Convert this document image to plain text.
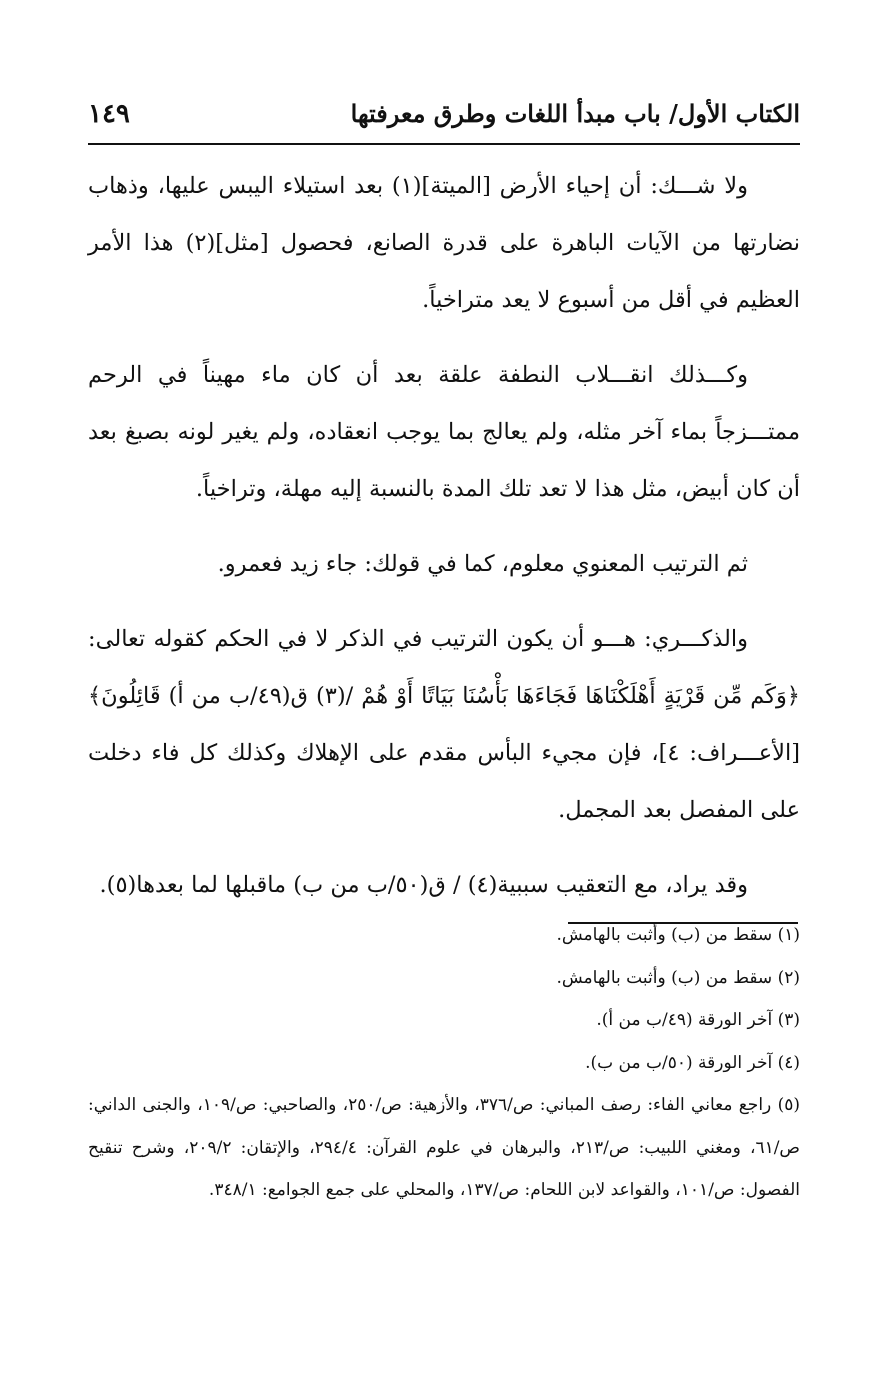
الكتاب الأول/ باب مبدأ اللغات وطرق معرفتها
١٤٩

ولا شـــك: أن إحياء الأرض [الميتة](١) بعد استيلاء اليبس عليها، وذهاب نضارتها من الآيات الباهرة على قدرة الصانع، فحصول [مثل](٢) هذا الأمر العظيم في أقل من أسبوع لا يعد متراخياً.

وكـــذلك انقـــلاب النطفة علقة بعد أن كان ماء مهيناً في الرحم ممتـــزجاً بماء آخر مثله، ولم يعالج بما يوجب انعقاده، ولم يغير لونه بصبغ بعد أن كان أبيض، مثل هذا لا تعد تلك المدة بالنسبة إليه مهلة، وتراخياً.

ثم الترتيب المعنوي معلوم، كما في قولك: جاء زيد فعمرو.

والذكـــري: هـــو أن يكون الترتيب في الذكر لا في الحكم كقوله تعالى: ﴿وَكَم مِّن قَرْيَةٍ أَهْلَكْنَاهَا فَجَاءَهَا بَأْسُنَا بَيَاتًا أَوْ هُمْ /(٣) ق(٤٩/ب من أ) قَائِلُونَ﴾ [الأعـــراف: ٤]، فإن مجيء البأس مقدم على الإهلاك وكذلك كل فاء دخلت على المفصل بعد المجمل.

وقد يراد، مع التعقيب سببية(٤) / ق(٥٠/ب من ب) ماقبلها لما بعدها(٥).

(١) سقط من (ب) وأثبت بالهامش.

(٢) سقط من (ب) وأثبت بالهامش.

(٣) آخر الورقة (٤٩/ب من أ).

(٤) آخر الورقة (٥٠/ب من ب).

(٥) راجع معاني الفاء: رصف المباني: ص/٣٧٦، والأزهية: ص/٢٥٠، والصاحبي: ص/١٠٩، والجنى الداني: ص/٦١، ومغني اللبيب: ص/٢١٣، والبرهان في علوم القرآن: ٢٩٤/٤، والإتقان: ٢٠٩/٢، وشرح تنقيح الفصول: ص/١٠١، والقواعد لابن اللحام: ص/١٣٧، والمحلي على جمع الجوامع: ٣٤٨/١.
